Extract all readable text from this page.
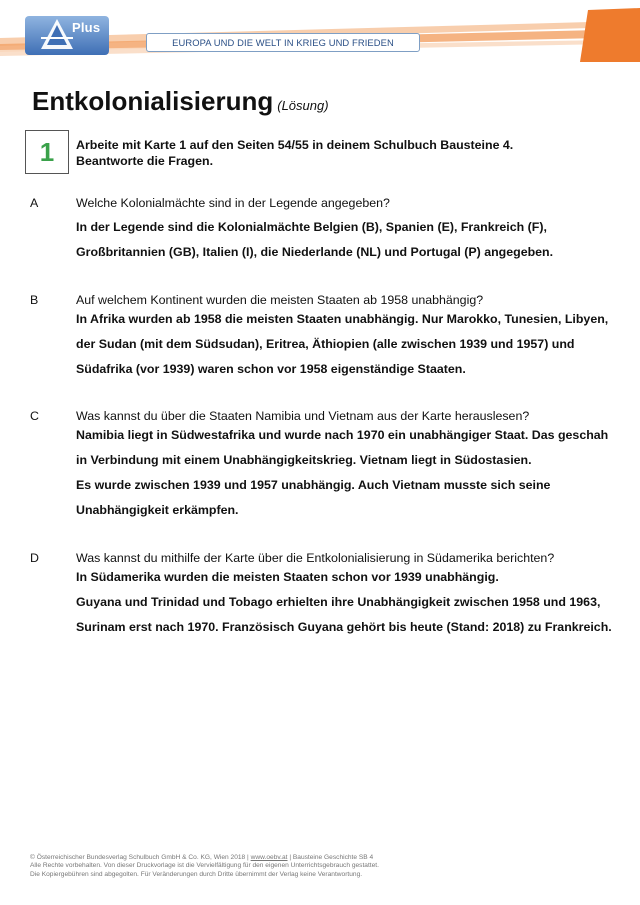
Plus
EUROPA UND DIE WELT IN KRIEG UND FRIEDEN
Entkolonialisierung (Lösung)
1	Arbeite mit Karte 1 auf den Seiten 54/55 in deinem Schulbuch Bausteine 4.
Beantworte die Fragen.
A	Welche Kolonialmächte sind in der Legende angegeben?
In der Legende sind die Kolonialmächte Belgien (B), Spanien (E), Frankreich (F),
Großbritannien (GB), Italien (I), die Niederlande (NL) und Portugal (P) angegeben.
B	Auf welchem Kontinent wurden die meisten Staaten ab 1958 unabhängig?
In Afrika wurden ab 1958 die meisten Staaten unabhängig. Nur Marokko, Tunesien, Libyen,
der Sudan (mit dem Südsudan), Eritrea, Äthiopien (alle zwischen 1939 und 1957) und
Südafrika (vor 1939) waren schon vor 1958 eigenständige Staaten.
C	Was kannst du über die Staaten Namibia und Vietnam aus der Karte herauslesen?
Namibia liegt in Südwestafrika und wurde nach 1970 ein unabhängiger Staat. Das geschah
in Verbindung mit einem Unabhängigkeitskrieg. Vietnam liegt in Südostasien.
Es wurde zwischen 1939 und 1957 unabhängig. Auch Vietnam musste sich seine
Unabhängigkeit erkämpfen.
D	Was kannst du mithilfe der Karte über die Entkolonialisierung in Südamerika berichten?
In Südamerika wurden die meisten Staaten schon vor 1939 unabhängig.
Guyana und Trinidad und Tobago erhielten ihre Unabhängigkeit zwischen 1958 und 1963,
Surinam erst nach 1970. Französisch Guyana gehört bis heute (Stand: 2018) zu Frankreich.
© Österreichischer Bundesverlag Schulbuch GmbH & Co. KG, Wien 2018 | www.oebv.at | Bausteine Geschichte SB 4
Alle Rechte vorbehalten. Von dieser Druckvorlage ist die Vervielfältigung für den eigenen Unterrichtsgebrauch gestattet.
Die Kopiergebühren sind abgegolten. Für Veränderungen durch Dritte übernimmt der Verlag keine Verantwortung.
